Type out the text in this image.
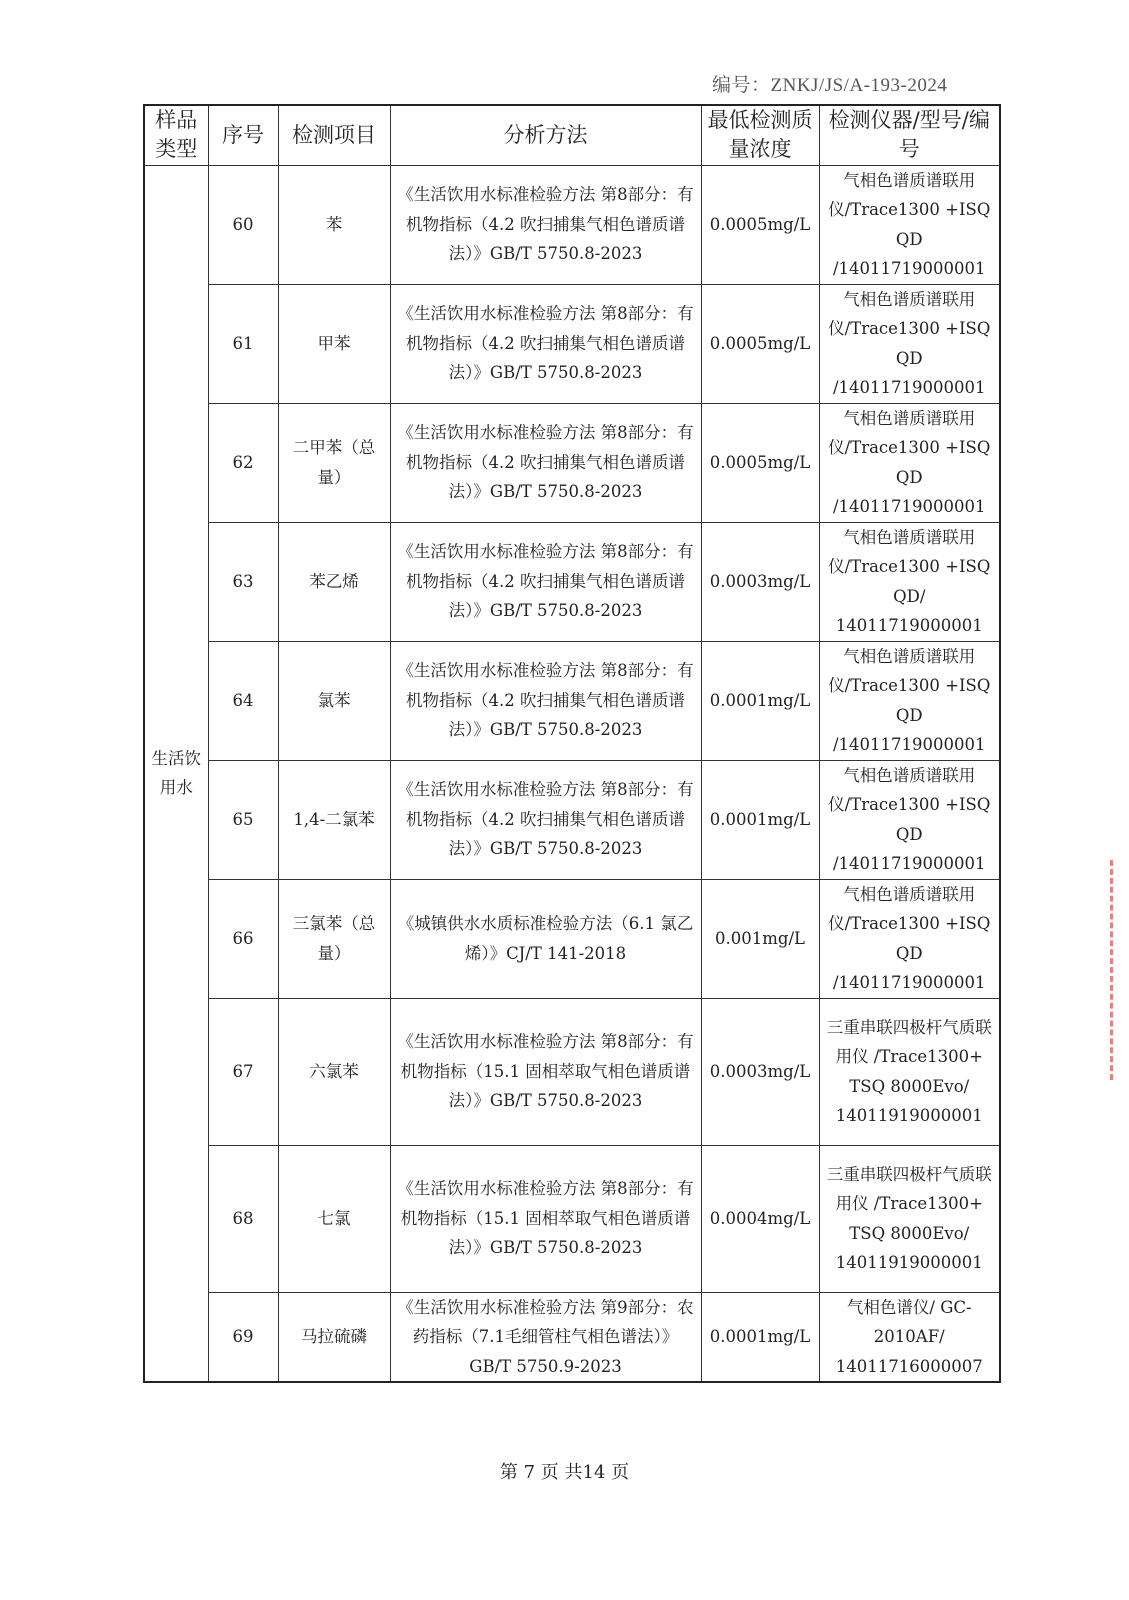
编号：ZNKJ/JS/A-193-2024
样品类型	序号	检测项目	分析方法	最低检测质量浓度	检测仪器/型号/编号
生活饮用水	60	苯	《生活饮用水标准检验方法 第8部分：有机物指标（4.2 吹扫捕集气相色谱质谱法）》GB/T 5750.8-2023	0.0005mg/L	气相色谱质谱联用仪/Trace1300 +ISQ QD /14011719000001
	61	甲苯	《生活饮用水标准检验方法 第8部分：有机物指标（4.2 吹扫捕集气相色谱质谱法）》GB/T 5750.8-2023	0.0005mg/L	气相色谱质谱联用仪/Trace1300 +ISQ QD /14011719000001
	62	二甲苯（总量）	《生活饮用水标准检验方法 第8部分：有机物指标（4.2 吹扫捕集气相色谱质谱法）》GB/T 5750.8-2023	0.0005mg/L	气相色谱质谱联用仪/Trace1300 +ISQ QD /14011719000001
	63	苯乙烯	《生活饮用水标准检验方法 第8部分：有机物指标（4.2 吹扫捕集气相色谱质谱法）》GB/T 5750.8-2023	0.0003mg/L	气相色谱质谱联用仪/Trace1300 +ISQ QD/ 14011719000001
	64	氯苯	《生活饮用水标准检验方法 第8部分：有机物指标（4.2 吹扫捕集气相色谱质谱法）》GB/T 5750.8-2023	0.0001mg/L	气相色谱质谱联用仪/Trace1300 +ISQ QD /14011719000001
	65	1,4-二氯苯	《生活饮用水标准检验方法 第8部分：有机物指标（4.2 吹扫捕集气相色谱质谱法）》GB/T 5750.8-2023	0.0001mg/L	气相色谱质谱联用仪/Trace1300 +ISQ QD /14011719000001
	66	三氯苯（总量）	《城镇供水水质标准检验方法（6.1 氯乙烯）》CJ/T 141-2018	0.001mg/L	气相色谱质谱联用仪/Trace1300 +ISQ QD /14011719000001
	67	六氯苯	《生活饮用水标准检验方法 第8部分：有机物指标（15.1 固相萃取气相色谱质谱法）》GB/T 5750.8-2023	0.0003mg/L	三重串联四极杆气质联用仪 /Trace1300+ TSQ 8000Evo/ 14011919000001
	68	七氯	《生活饮用水标准检验方法 第8部分：有机物指标（15.1 固相萃取气相色谱质谱法）》GB/T 5750.8-2023	0.0004mg/L	三重串联四极杆气质联用仪 /Trace1300+ TSQ 8000Evo/ 14011919000001
	69	马拉硫磷	《生活饮用水标准检验方法 第9部分：农药指标（7.1毛细管柱气相色谱法）》GB/T 5750.9-2023	0.0001mg/L	气相色谱仪/ GC-2010AF/ 14011716000007
第 7 页 共14 页
